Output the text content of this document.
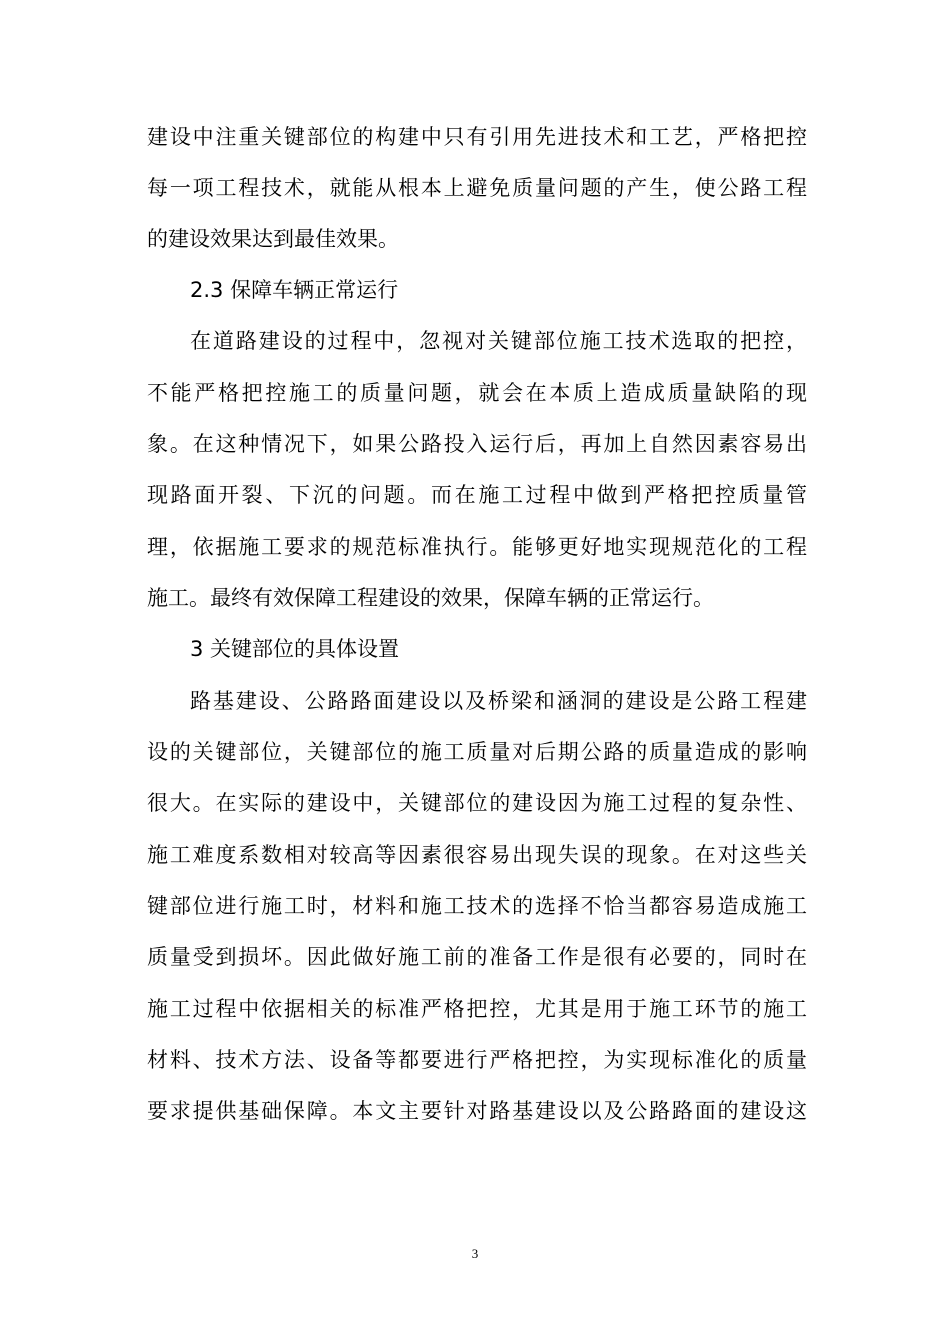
建设中注重关键部位的构建中只有引用先进技术和工艺，严格把控
每一项工程技术，就能从根本上避免质量问题的产生，使公路工程
的建设效果达到最佳效果。
2.3 保障车辆正常运行
在道路建设的过程中，忽视对关键部位施工技术选取的把控，
不能严格把控施工的质量问题，就会在本质上造成质量缺陷的现
象。在这种情况下，如果公路投入运行后，再加上自然因素容易出
现路面开裂、下沉的问题。而在施工过程中做到严格把控质量管
理，依据施工要求的规范标准执行。能够更好地实现规范化的工程
施工。最终有效保障工程建设的效果，保障车辆的正常运行。
3 关键部位的具体设置
路基建设、公路路面建设以及桥梁和涵洞的建设是公路工程建
设的关键部位，关键部位的施工质量对后期公路的质量造成的影响
很大。在实际的建设中，关键部位的建设因为施工过程的复杂性、
施工难度系数相对较高等因素很容易出现失误的现象。在对这些关
键部位进行施工时，材料和施工技术的选择不恰当都容易造成施工
质量受到损坏。因此做好施工前的准备工作是很有必要的，同时在
施工过程中依据相关的标准严格把控，尤其是用于施工环节的施工
材料、技术方法、设备等都要进行严格把控，为实现标准化的质量
要求提供基础保障。本文主要针对路基建设以及公路路面的建设这
3
